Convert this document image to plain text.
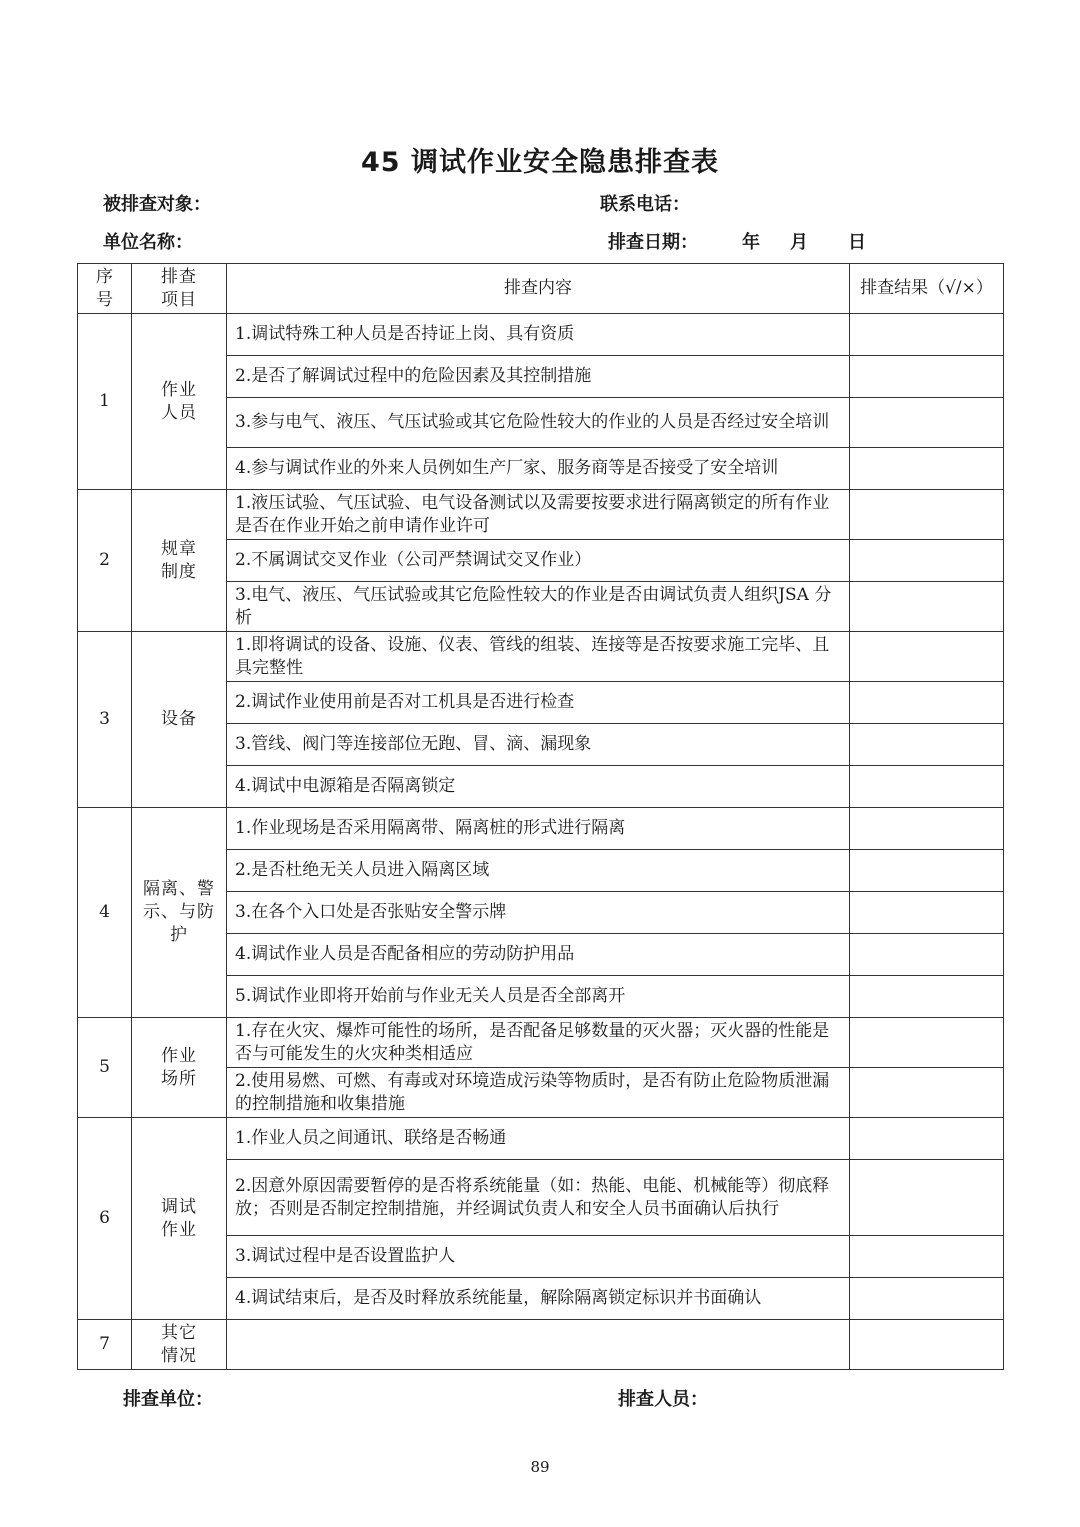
45 调试作业安全隐患排查表
被排查对象：	联系电话：
单位名称：	排查日期： 年 月 日
序号	排查项目	排查内容	排查结果（√/×）
1	作业人员	1.调试特殊工种人员是否持证上岗、具有资质	
		2.是否了解调试过程中的危险因素及其控制措施	
		3.参与电气、液压、气压试验或其它危险性较大的作业的人员是否经过安全培训	
		4.参与调试作业的外来人员例如生产厂家、服务商等是否接受了安全培训	
2	规章制度	1.液压试验、气压试验、电气设备测试以及需要按要求进行隔离锁定的所有作业是否在作业开始之前申请作业许可	
		2.不属调试交叉作业（公司严禁调试交叉作业）	
		3.电气、液压、气压试验或其它危险性较大的作业是否由调试负责人组织JSA 分析	
3	设备	1.即将调试的设备、设施、仪表、管线的组装、连接等是否按要求施工完毕、且具完整性	
		2.调试作业使用前是否对工机具是否进行检查	
		3.管线、阀门等连接部位无跑、冒、滴、漏现象	
		4.调试中电源箱是否隔离锁定	
4	隔离、警示、与防护	1.作业现场是否采用隔离带、隔离桩的形式进行隔离	
		2.是否杜绝无关人员进入隔离区域	
		3.在各个入口处是否张贴安全警示牌	
		4.调试作业人员是否配备相应的劳动防护用品	
		5.调试作业即将开始前与作业无关人员是否全部离开	
5	作业场所	1.存在火灾、爆炸可能性的场所，是否配备足够数量的灭火器；灭火器的性能是否与可能发生的火灾种类相适应	
		2.使用易燃、可燃、有毒或对环境造成污染等物质时，是否有防止危险物质泄漏的控制措施和收集措施	
6	调试作业	1.作业人员之间通讯、联络是否畅通	
		2.因意外原因需要暂停的是否将系统能量（如：热能、电能、机械能等）彻底释放；否则是否制定控制措施，并经调试负责人和安全人员书面确认后执行	
		3.调试过程中是否设置监护人	
		4.调试结束后，是否及时释放系统能量，解除隔离锁定标识并书面确认	
7	其它情况		
排查单位：	排查人员：
89
